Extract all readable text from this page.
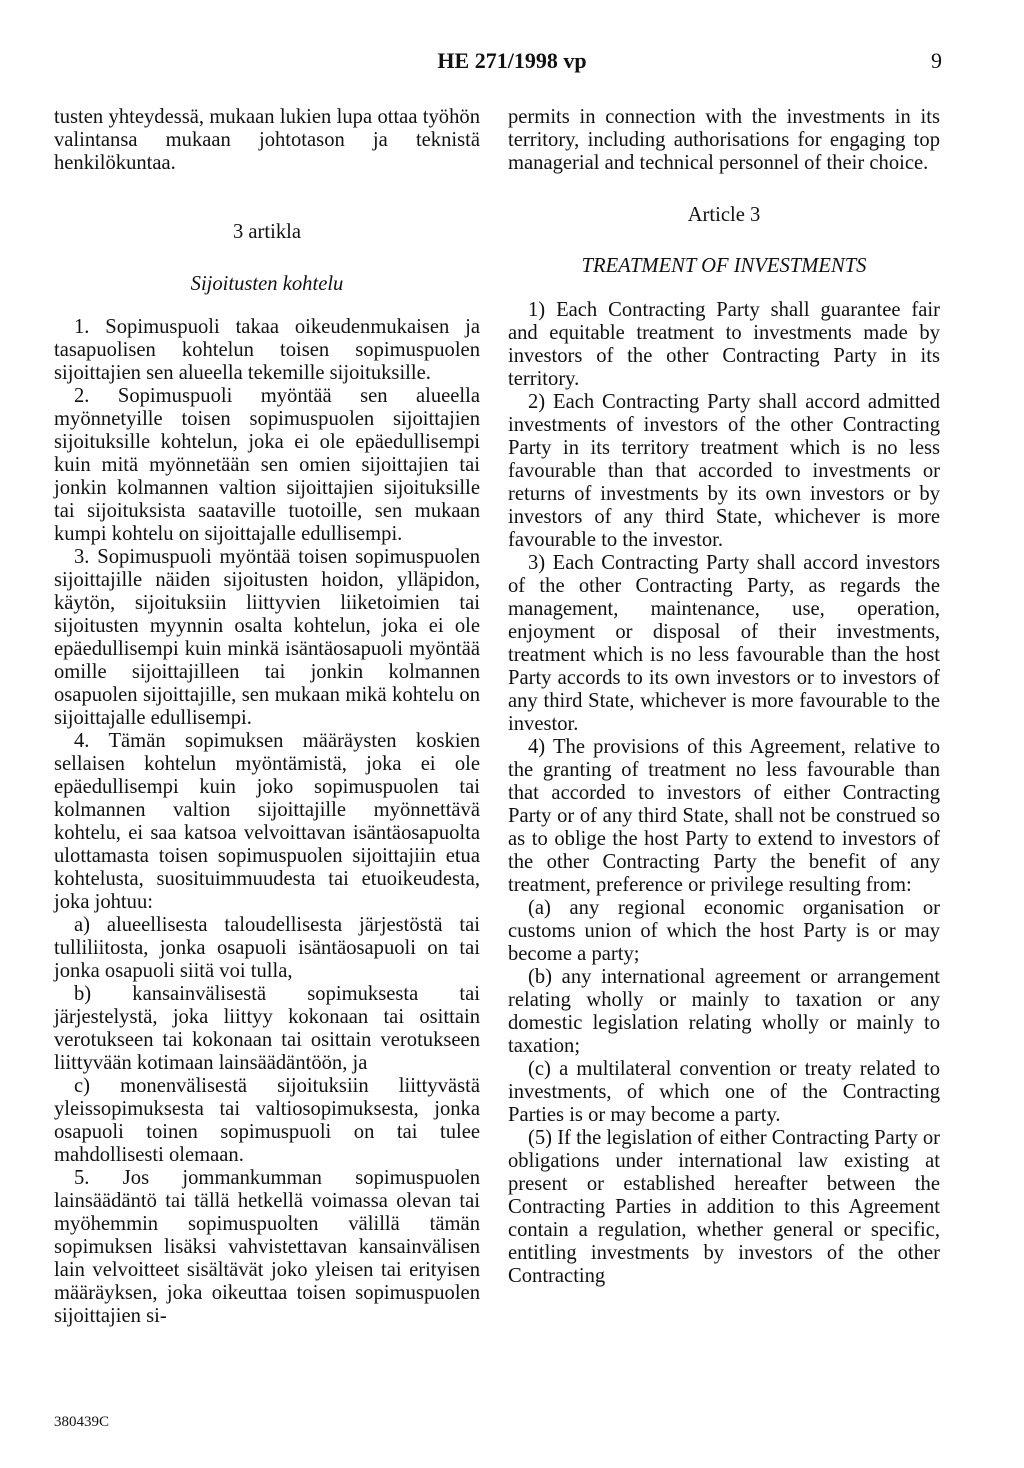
HE 271/1998 vp	9

tusten yhteydessä, mukaan lukien lupa ottaa työhön valintansa mukaan johtotason ja teknistä henkilökuntaa.

3 artikla

Sijoitusten kohtelu

1. Sopimuspuoli takaa oikeudenmukaisen ja tasapuolisen kohtelun toisen sopimuspuolen sijoittajien sen alueella tekemille sijoituksille.

2. Sopimuspuoli myöntää sen alueella myönnetyille toisen sopimuspuolen sijoittajien sijoituksille kohtelun, joka ei ole epäedullisempi kuin mitä myönnetään sen omien sijoittajien tai jonkin kolmannen valtion sijoittajien sijoituksille tai sijoituksista saataville tuotoille, sen mukaan kumpi kohtelu on sijoittajalle edullisempi.

3. Sopimuspuoli myöntää toisen sopimuspuolen sijoittajille näiden sijoitusten hoidon, ylläpidon, käytön, sijoituksiin liittyvien liiketoimien tai sijoitusten myynnin osalta kohtelun, joka ei ole epäedullisempi kuin minkä isäntäosapuoli myöntää omille sijoittajilleen tai jonkin kolmannen osapuolen sijoittajille, sen mukaan mikä kohtelu on sijoittajalle edullisempi.

4. Tämän sopimuksen määräysten koskien sellaisen kohtelun myöntämistä, joka ei ole epäedullisempi kuin joko sopimuspuolen tai kolmannen valtion sijoittajille myönnettävä kohtelu, ei saa katsoa velvoittavan isäntäosapuolta ulottamasta toisen sopimuspuolen sijoittajiin etua kohtelusta, suosituimmuudesta tai etuoikeudesta, joka johtuu:

a) alueellisesta taloudellisesta järjestöstä tai tulliliitosta, jonka osapuoli isäntäosapuoli on tai jonka osapuoli siitä voi tulla,

b) kansainvälisestä sopimuksesta tai järjestelystä, joka liittyy kokonaan tai osittain verotukseen tai kokonaan tai osittain verotukseen liittyvään kotimaan lainsäädäntöön, ja

c) monenvälisestä sijoituksiin liittyvästä yleissopimuksesta tai valtiosopimuksesta, jonka osapuoli toinen sopimuspuoli on tai tulee mahdollisesti olemaan.

5. Jos jommankumman sopimuspuolen lainsäädäntö tai tällä hetkellä voimassa olevan tai myöhemmin sopimuspuolten välillä tämän sopimuksen lisäksi vahvistettavan kansainvälisen lain velvoitteet sisältävät joko yleisen tai erityisen määräyksen, joka oikeuttaa toisen sopimuspuolen sijoittajien si-

permits in connection with the investments in its territory, including authorisations for engaging top managerial and technical personnel of their choice.

Article 3

TREATMENT OF INVESTMENTS

1) Each Contracting Party shall guarantee fair and equitable treatment to investments made by investors of the other Contracting Party in its territory.

2) Each Contracting Party shall accord admitted investments of investors of the other Contracting Party in its territory treatment which is no less favourable than that accorded to investments or returns of investments by its own investors or by investors of any third State, whichever is more favourable to the investor.

3) Each Contracting Party shall accord investors of the other Contracting Party, as regards the management, maintenance, use, operation, enjoyment or disposal of their investments, treatment which is no less favourable than the host Party accords to its own investors or to investors of any third State, whichever is more favourable to the investor.

4) The provisions of this Agreement, relative to the granting of treatment no less favourable than that accorded to investors of either Contracting Party or of any third State, shall not be construed so as to oblige the host Party to extend to investors of the other Contracting Party the benefit of any treatment, preference or privilege resulting from:

(a) any regional economic organisation or customs union of which the host Party is or may become a party;

(b) any international agreement or arrangement relating wholly or mainly to taxation or any domestic legislation relating wholly or mainly to taxation;

(c) a multilateral convention or treaty related to investments, of which one of the Contracting Parties is or may become a party.

(5) If the legislation of either Contracting Party or obligations under international law existing at present or established hereafter between the Contracting Parties in addition to this Agreement contain a regulation, whether general or specific, entitling investments by investors of the other Contracting

380439C
